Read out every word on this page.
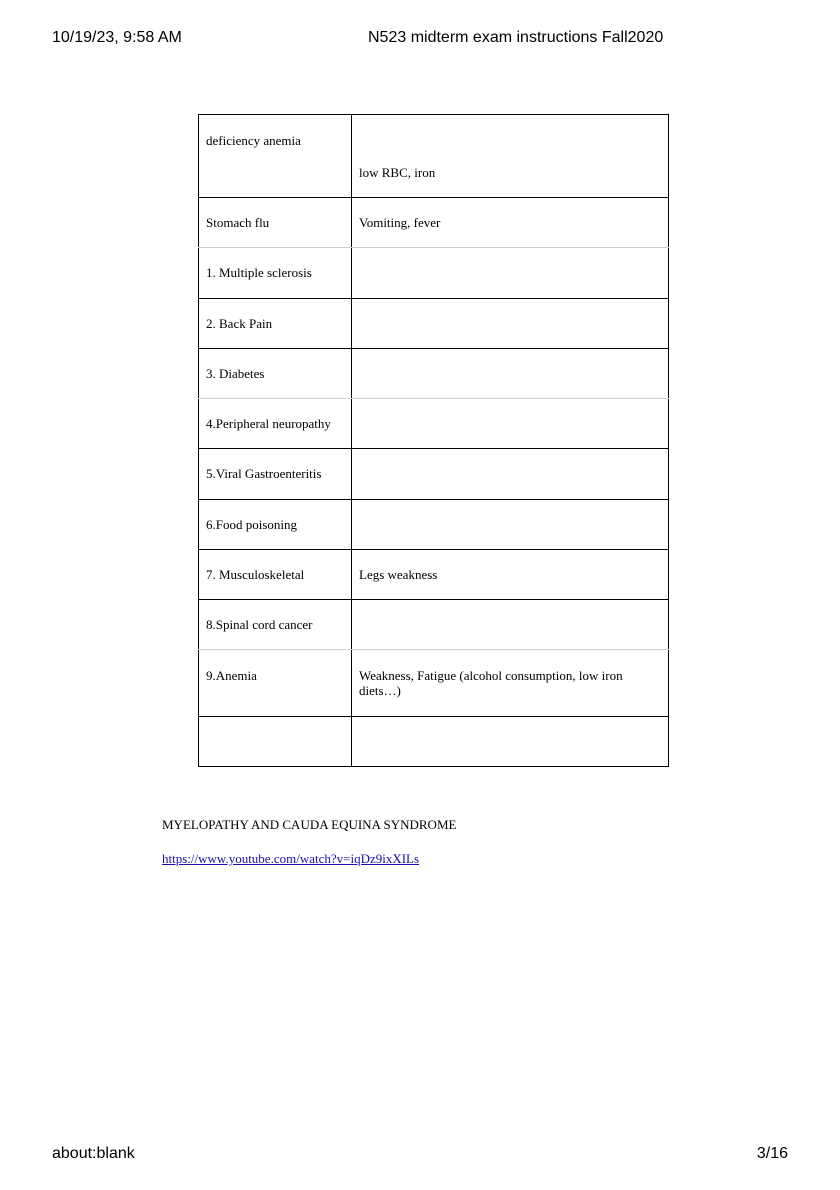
10/19/23, 9:58 AM	N523 midterm exam instructions Fall2020
deficiency anemia	low RBC, iron

Stomach flu	Vomiting, fever
1. Multiple sclerosis	
2. Back Pain	
3. Diabetes	
4.Peripheral neuropathy	
5.Viral Gastroenteritis	
6.Food poisoning	
7. Musculoskeletal	Legs weakness
8.Spinal cord cancer	
9.Anemia	Weakness, Fatigue (alcohol consumption, low iron diets…)

MYELOPATHY AND CAUDA EQUINA SYNDROME
https://www.youtube.com/watch?v=iqDz9ixXILs
about:blank	3/16
